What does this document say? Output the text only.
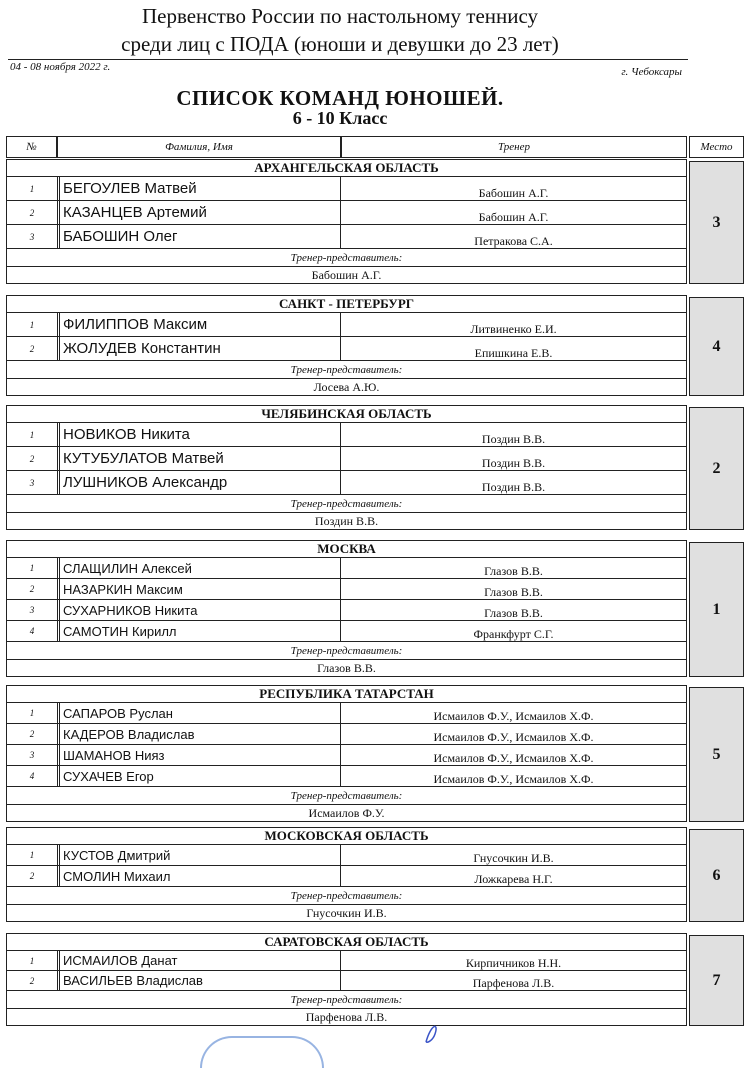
Первенство России по настольному теннису
среди лиц с ПОДА (юноши и девушки до 23 лет)
04 - 08 ноября 2022 г.	г. Чебоксары
СПИСОК КОМАНД ЮНОШЕЙ.
6 - 10 Класс
№	Фамилия, Имя	Тренер	Место
АРХАНГЕЛЬСКАЯ ОБЛАСТЬ
1	БЕГОУЛЕВ Матвей	Бабошин А.Г.
2	КАЗАНЦЕВ Артемий	Бабошин А.Г.
3	БАБОШИН Олег	Петракова С.А.
Тренер-представитель:
Бабошин А.Г.
3
САНКТ - ПЕТЕРБУРГ
1	ФИЛИППОВ Максим	Литвиненко Е.И.
2	ЖОЛУДЕВ Константин	Епишкина Е.В.
Тренер-представитель:
Лосева А.Ю.
4
ЧЕЛЯБИНСКАЯ ОБЛАСТЬ
1	НОВИКОВ Никита	Поздин В.В.
2	КУТУБУЛАТОВ Матвей	Поздин В.В.
3	ЛУШНИКОВ Александр	Поздин В.В.
Тренер-представитель:
Поздин В.В.
2
МОСКВА
1	СЛАЩИЛИН Алексей	Глазов В.В.
2	НАЗАРКИН Максим	Глазов В.В.
3	СУХАРНИКОВ Никита	Глазов В.В.
4	САМОТИН Кирилл	Франкфурт С.Г.
Тренер-представитель:
Глазов В.В.
1
РЕСПУБЛИКА ТАТАРСТАН
1	САПАРОВ Руслан	Исмаилов Ф.У., Исмаилов Х.Ф.
2	КАДЕРОВ Владислав	Исмаилов Ф.У., Исмаилов Х.Ф.
3	ШАМАНОВ Нияз	Исмаилов Ф.У., Исмаилов Х.Ф.
4	СУХАЧЕВ Егор	Исмаилов Ф.У., Исмаилов Х.Ф.
Тренер-представитель:
Исмаилов Ф.У.
5
МОСКОВСКАЯ ОБЛАСТЬ
1	КУСТОВ Дмитрий	Гнусочкин И.В.
2	СМОЛИН Михаил	Ложкарева Н.Г.
Тренер-представитель:
Гнусочкин И.В.
6
САРАТОВСКАЯ ОБЛАСТЬ
1	ИСМАИЛОВ Данат	Кирпичников Н.Н.
2	ВАСИЛЬЕВ Владислав	Парфенова Л.В.
Тренер-представитель:
Парфенова Л.В.
7
